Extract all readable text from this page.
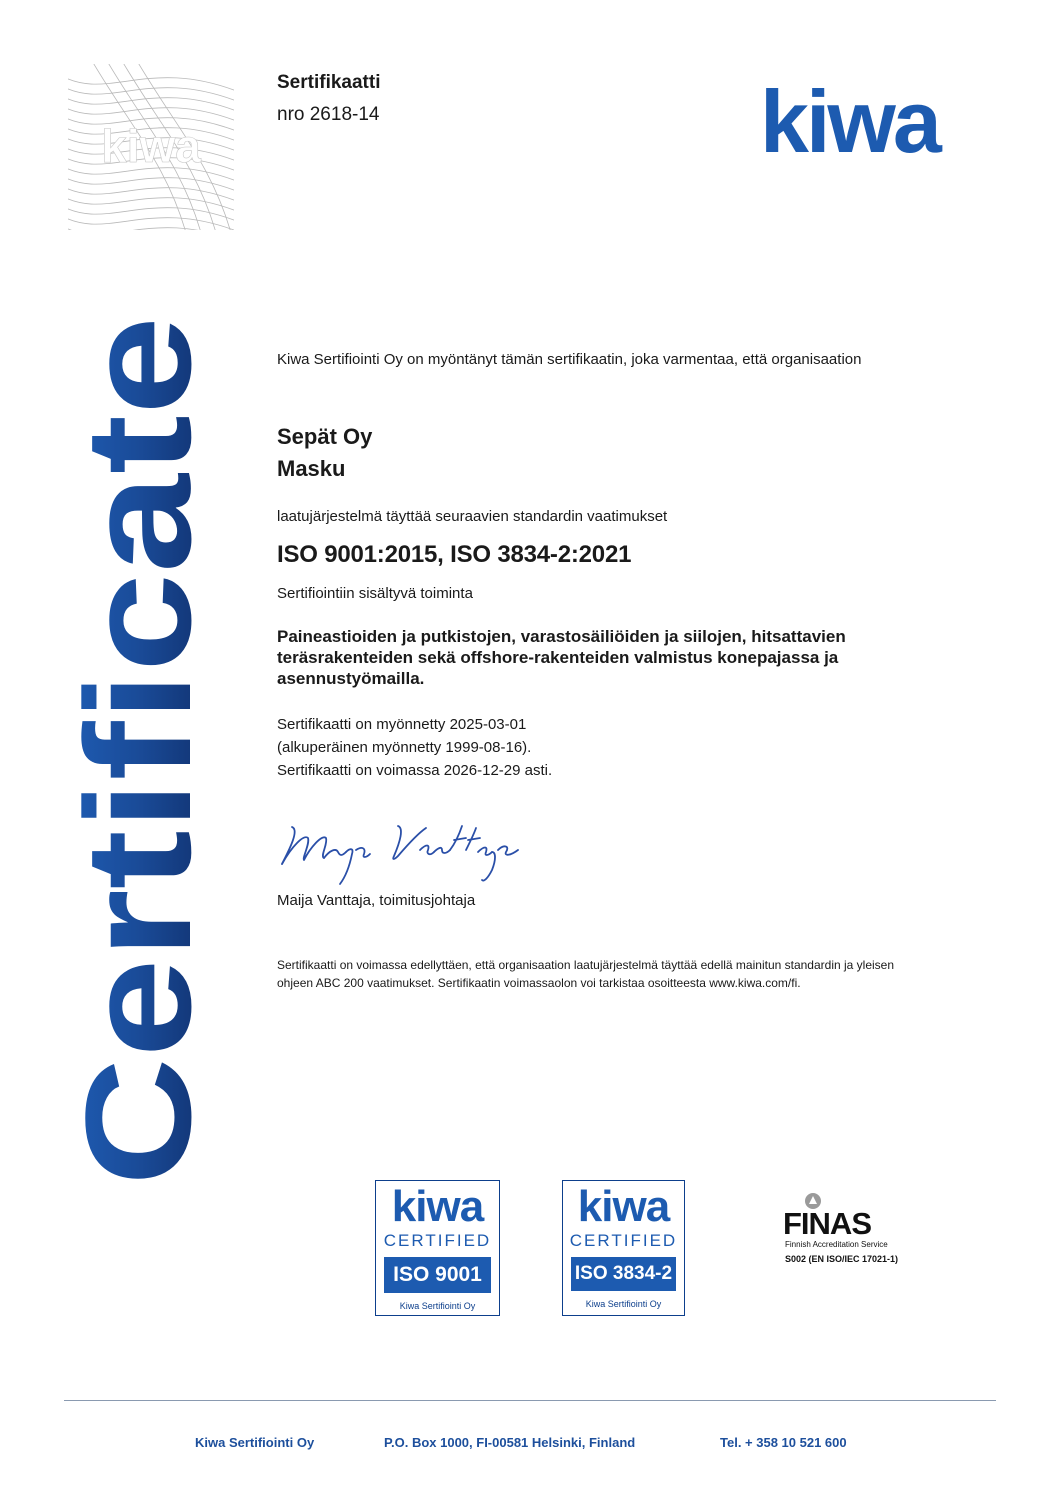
kiwa
Sertifikaatti
nro 2618-14	kiwa
Certificate
Kiwa Sertifiointi Oy on myöntänyt tämän sertifikaatin, joka varmentaa, että organisaation
Sepät Oy
Masku
laatujärjestelmä täyttää seuraavien standardin vaatimukset
ISO 9001:2015, ISO 3834-2:2021
Sertifiointiin sisältyvä toiminta
Paineastioiden ja putkistojen, varastosäiliöiden ja siilojen, hitsattavien teräsrakenteiden sekä offshore-rakenteiden valmistus konepajassa ja asennustyömailla.
Sertifikaatti on myönnetty 2025-03-01
(alkuperäinen myönnetty 1999-08-16).
Sertifikaatti on voimassa 2026-12-29 asti.
Maija Vanttaja, toimitusjohtaja
Sertifikaatti on voimassa edellyttäen, että organisaation laatujärjestelmä täyttää edellä mainitun standardin ja yleisen ohjeen ABC 200 vaatimukset. Sertifikaatin voimassaolon voi tarkistaa osoitteesta www.kiwa.com/fi.
kiwa
CERTIFIED
ISO 9001
Kiwa Sertifiointi Oy
kiwa
CERTIFIED
ISO 3834-2
Kiwa Sertifiointi Oy
FINAS
Finnish Accreditation Service
S002 (EN ISO/IEC 17021-1)
Kiwa Sertifiointi Oy	P.O. Box 1000, FI-00581 Helsinki, Finland	Tel. + 358 10 521 600
